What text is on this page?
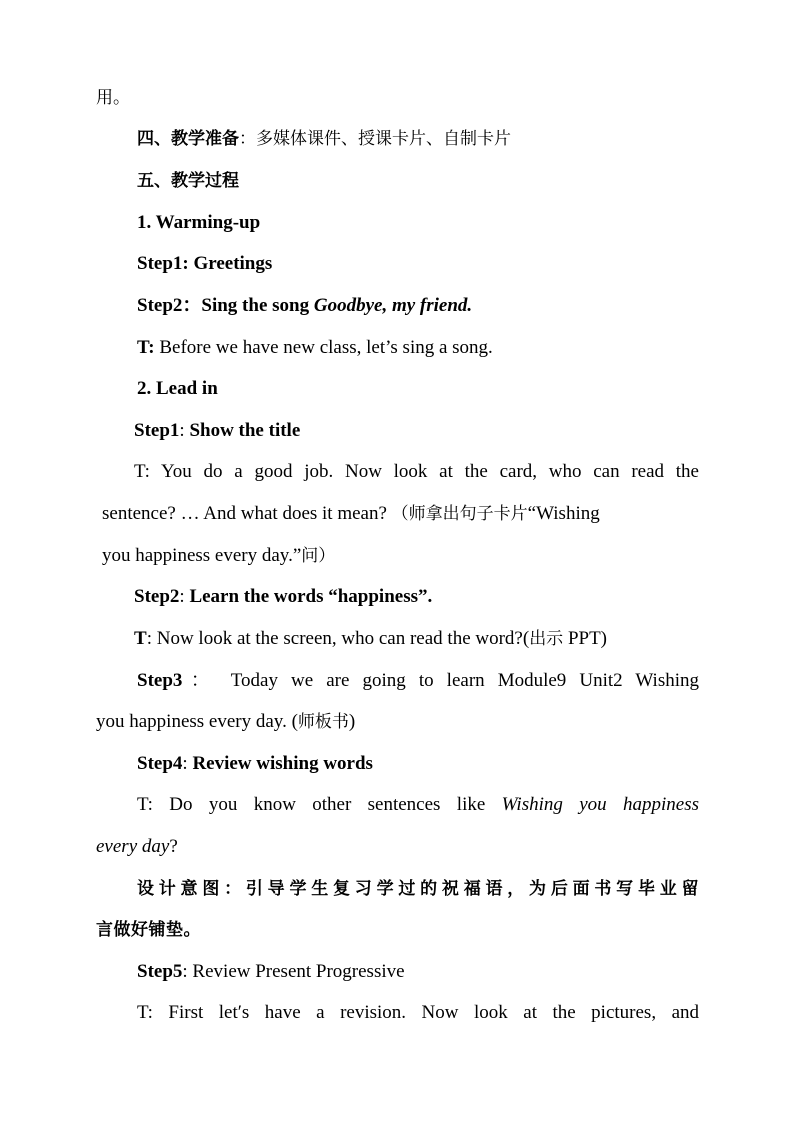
用。
四、教学准备：多媒体课件、授课卡片、自制卡片
五、教学过程
1. Warming-up
Step1: Greetings
Step2：Sing the song Goodbye, my friend.
T: Before we have new class, let’s sing a song.
2. Lead in
Step1: Show the title
T: You do a good job. Now look at the card, who can read the
sentence? … And what does it mean? （师拿出句子卡片“Wishing
you happiness every day.”问）
Step2: Learn the words “happiness”.
T: Now look at the screen, who can read the word?(出示 PPT)
Step3： Today we are going to learn Module9 Unit2 Wishing
you happiness every day. (师板书)
Step4: Review wishing words
T: Do you know other sentences like Wishing you happiness
every day?
设计意图：引导学生复习学过的祝福语，为后面书写毕业留
言做好铺垫。
Step5: Review Present Progressive
T: First let′s have a revision. Now look at the pictures, and
